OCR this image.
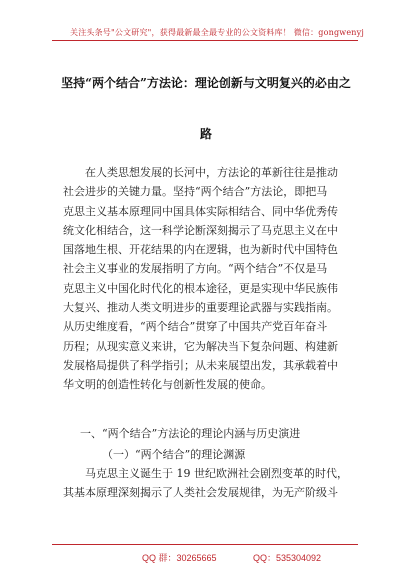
关注头条号"公文研究"，获得最新最全最专业的公文资料库！ 微信：gongwenyj
坚持“两个结合”方法论：理论创新与文明复兴的必由之
路
　　在人类思想发展的长河中，方法论的革新往往是推动
社会进步的关键力量。坚持“两个结合”方法论，即把马
克思主义基本原理同中国具体实际相结合、同中华优秀传
统文化相结合，这一科学论断深刻揭示了马克思主义在中
国落地生根、开花结果的内在逻辑，也为新时代中国特色
社会主义事业的发展指明了方向。“两个结合”不仅是马
克思主义中国化时代化的根本途径，更是实现中华民族伟
大复兴、推动人类文明进步的重要理论武器与实践指南。
从历史维度看，“两个结合”贯穿了中国共产党百年奋斗
历程；从现实意义来讲，它为解决当下复杂问题、构建新
发展格局提供了科学指引；从未来展望出发，其承载着中
华文明的创造性转化与创新性发展的使命。
一、“两个结合”方法论的理论内涵与历史演进
（一）“两个结合”的理论渊源
　　马克思主义诞生于 19 世纪欧洲社会剧烈变革的时代，
其基本原理深刻揭示了人类社会发展规律，为无产阶级斗
QQ 群：30265665	QQ：535304092
